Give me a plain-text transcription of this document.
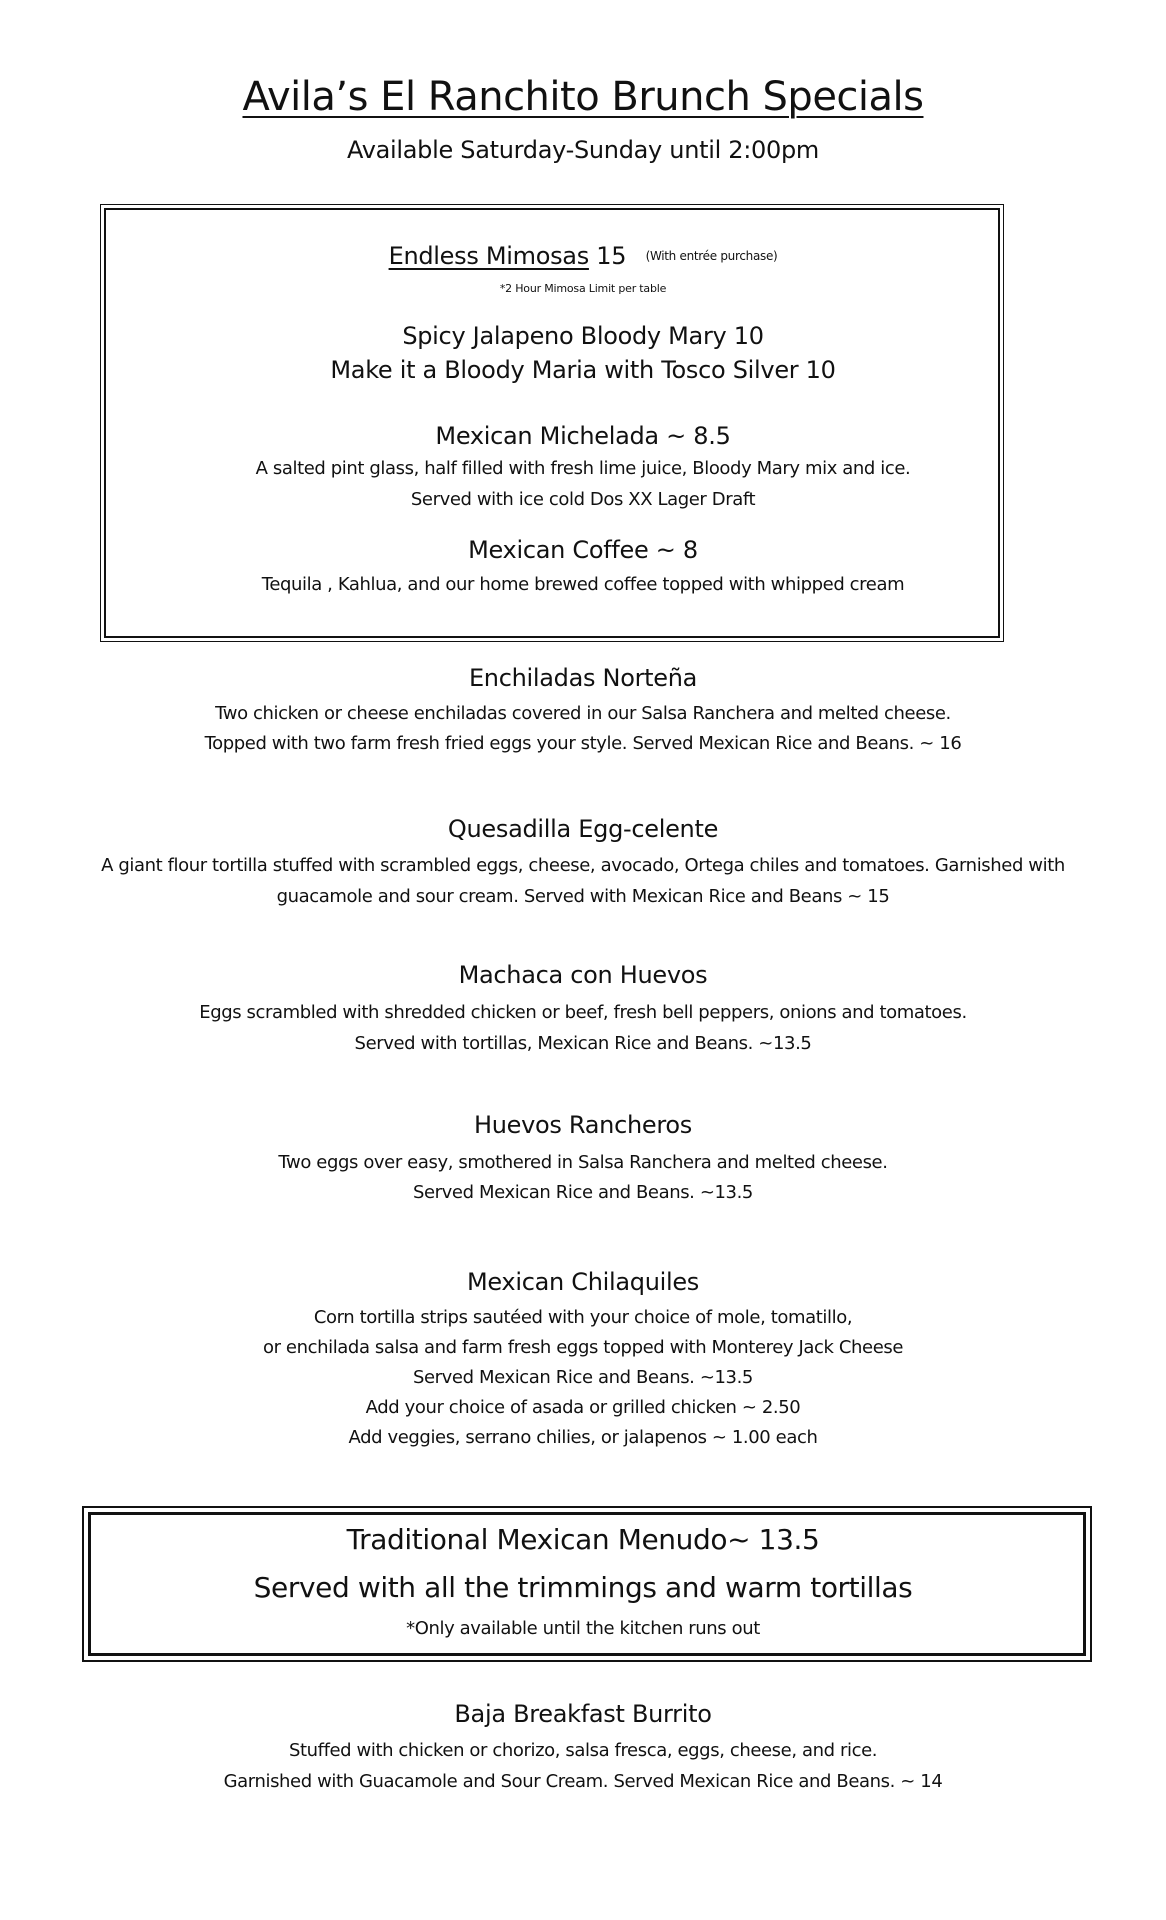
Avila’s El Ranchito Brunch Specials
Available Saturday-Sunday until 2:00pm
Endless Mimosas 15 (With entrée purchase)
*2 Hour Mimosa Limit per table
Spicy Jalapeno Bloody Mary 10
Make it a Bloody Maria with Tosco Silver 10
Mexican Michelada ~ 8.5
A salted pint glass, half filled with fresh lime juice, Bloody Mary mix and ice.
Served with ice cold Dos XX Lager Draft
Mexican Coffee ~ 8
Tequila , Kahlua, and our home brewed coffee topped with whipped cream
Enchiladas Norteña
Two chicken or cheese enchiladas covered in our Salsa Ranchera and melted cheese.
Topped with two farm fresh fried eggs your style. Served Mexican Rice and Beans. ~ 16
Quesadilla Egg-celente
A giant flour tortilla stuffed with scrambled eggs, cheese, avocado, Ortega chiles and tomatoes. Garnished with
guacamole and sour cream. Served with Mexican Rice and Beans ~ 15
Machaca con Huevos
Eggs scrambled with shredded chicken or beef, fresh bell peppers, onions and tomatoes.
Served with tortillas, Mexican Rice and Beans. ~13.5
Huevos Rancheros
Two eggs over easy, smothered in Salsa Ranchera and melted cheese.
Served Mexican Rice and Beans. ~13.5
Mexican Chilaquiles
Corn tortilla strips sautéed with your choice of mole, tomatillo,
or enchilada salsa and farm fresh eggs topped with Monterey Jack Cheese
Served Mexican Rice and Beans. ~13.5
Add your choice of asada or grilled chicken ~ 2.50
Add veggies, serrano chilies, or jalapenos ~ 1.00 each
Traditional Mexican Menudo~ 13.5
Served with all the trimmings and warm tortillas
*Only available until the kitchen runs out
Baja Breakfast Burrito
Stuffed with chicken or chorizo, salsa fresca, eggs, cheese, and rice.
Garnished with Guacamole and Sour Cream. Served Mexican Rice and Beans. ~ 14
